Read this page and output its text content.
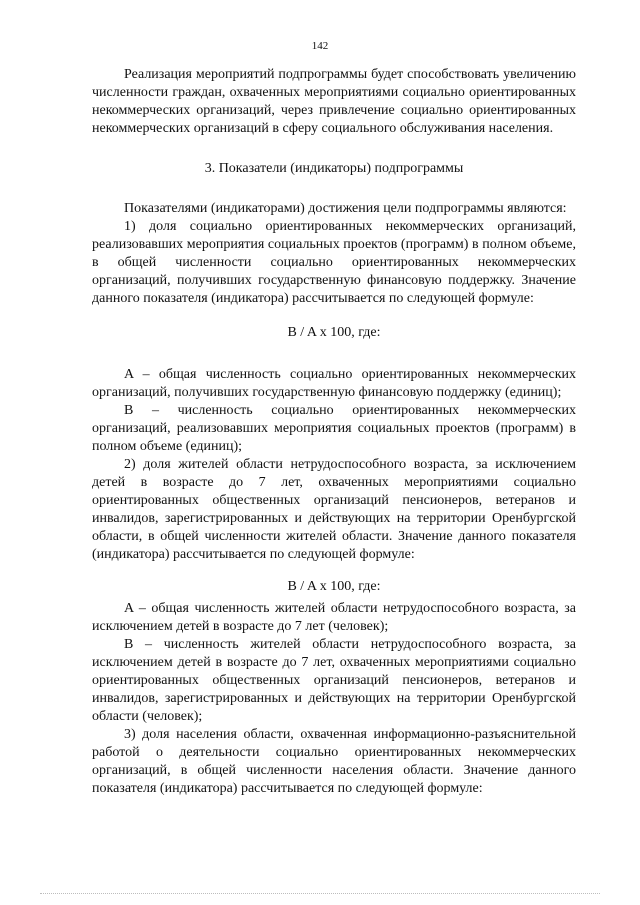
142

Реализация мероприятий подпрограммы будет способствовать увеличению численности граждан, охваченных мероприятиями социально ориентированных некоммерческих организаций, через привлечение социально ориентированных некоммерческих организаций в сферу социального обслуживания населения.

3. Показатели (индикаторы) подпрограммы

Показателями (индикаторами) достижения цели подпрограммы являются:

1) доля социально ориентированных некоммерческих организаций, реализовавших мероприятия социальных проектов (программ) в полном объеме, в общей численности социально ориентированных некоммерческих организаций, получивших государственную финансовую поддержку. Значение данного показателя (индикатора) рассчитывается по следующей формуле:

B / A x 100, где:

A – общая численность социально ориентированных некоммерческих организаций, получивших государственную финансовую поддержку (единиц);

B – численность социально ориентированных некоммерческих организаций, реализовавших мероприятия социальных проектов (программ) в полном объеме (единиц);

2) доля жителей области нетрудоспособного возраста, за исключением детей в возрасте до 7 лет, охваченных мероприятиями социально ориентированных общественных организаций пенсионеров, ветеранов и инвалидов, зарегистрированных и действующих на территории Оренбургской области, в общей численности жителей области. Значение данного показателя (индикатора) рассчитывается по следующей формуле:

B / A x 100, где:

A – общая численность жителей области нетрудоспособного возраста, за исключением детей в возрасте до 7 лет (человек);

B – численность жителей области нетрудоспособного возраста, за исключением детей в возрасте до 7 лет, охваченных мероприятиями социально ориентированных общественных организаций пенсионеров, ветеранов и инвалидов, зарегистрированных и действующих на территории Оренбургской области (человек);

3) доля населения области, охваченная информационно-разъяснительной работой о деятельности социально ориентированных некоммерческих организаций, в общей численности населения области. Значение данного показателя (индикатора) рассчитывается по следующей формуле:
